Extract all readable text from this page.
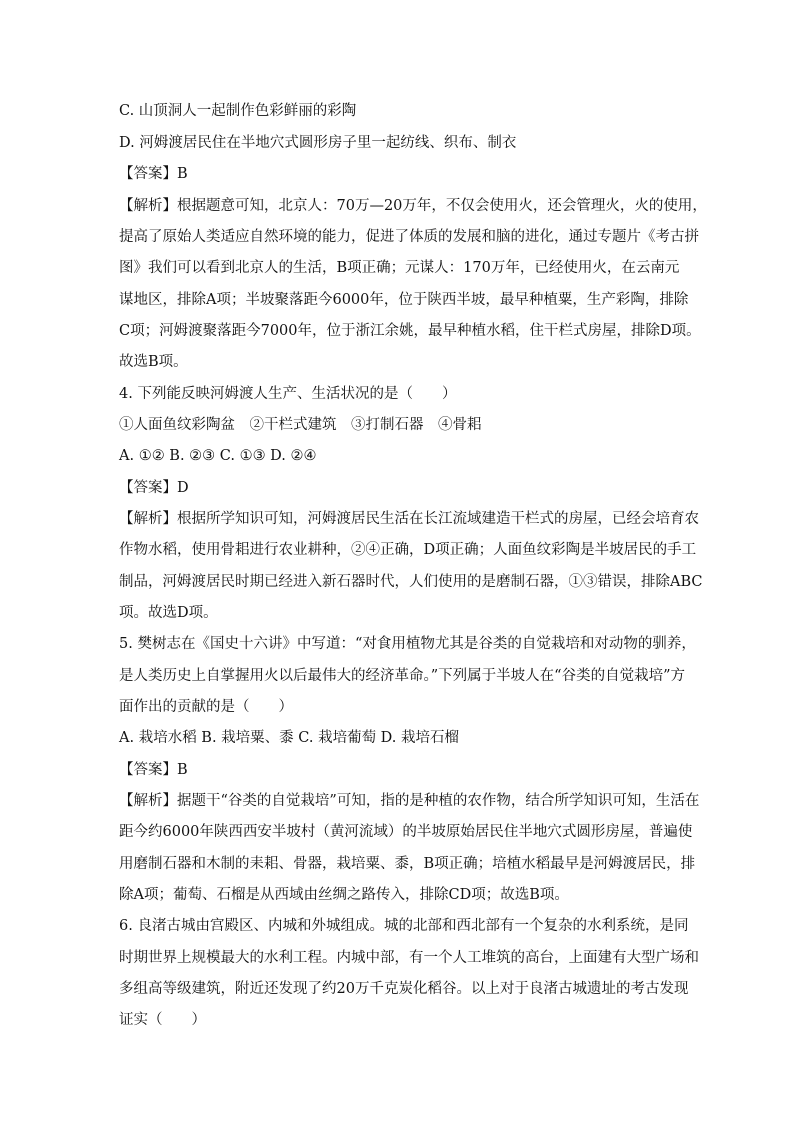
C. 山顶洞人一起制作色彩鲜丽的彩陶
D. 河姆渡居民住在半地穴式圆形房子里一起纺线、织布、制衣
【答案】B
【解析】根据题意可知，北京人：70万—20万年，不仅会使用火，还会管理火，火的使用，
提高了原始人类适应自然环境的能力，促进了体质的发展和脑的进化，通过专题片《考古拼
图》我们可以看到北京人的生活，B项正确；元谋人：170万年，已经使用火，在云南元
谋地区，排除A项；半坡聚落距今6000年，位于陕西半坡，最早种植粟，生产彩陶，排除
C项；河姆渡聚落距今7000年，位于浙江余姚，最早种植水稻，住干栏式房屋，排除D项。
故选B项。
4. 下列能反映河姆渡人生产、生活状况的是（　　）
①人面鱼纹彩陶盆　②干栏式建筑　③打制石器　④骨耜
A. ①② B. ②③ C. ①③ D. ②④
【答案】D
【解析】根据所学知识可知，河姆渡居民生活在长江流域建造干栏式的房屋，已经会培育农
作物水稻，使用骨耜进行农业耕种，②④正确，D项正确；人面鱼纹彩陶是半坡居民的手工
制品，河姆渡居民时期已经进入新石器时代，人们使用的是磨制石器，①③错误，排除ABC
项。故选D项。
5. 樊树志在《国史十六讲》中写道：“对食用植物尤其是谷类的自觉栽培和对动物的驯养，
是人类历史上自掌握用火以后最伟大的经济革命。”下列属于半坡人在“谷类的自觉栽培”方
面作出的贡献的是（　　）
A. 栽培水稻 B. 栽培粟、黍 C. 栽培葡萄 D. 栽培石榴
【答案】B
【解析】据题干“谷类的自觉栽培”可知，指的是种植的农作物，结合所学知识可知，生活在
距今约6000年陕西西安半坡村（黄河流域）的半坡原始居民住半地穴式圆形房屋，普遍使
用磨制石器和木制的耒耜、骨器，栽培粟、黍，B项正确；培植水稻最早是河姆渡居民，排
除A项；葡萄、石榴是从西域由丝绸之路传入，排除CD项；故选B项。
6. 良渚古城由宫殿区、内城和外城组成。城的北部和西北部有一个复杂的水利系统，是同
时期世界上规模最大的水利工程。内城中部，有一个人工堆筑的高台，上面建有大型广场和
多组高等级建筑，附近还发现了约20万千克炭化稻谷。以上对于良渚古城遗址的考古发现
证实（　　）
